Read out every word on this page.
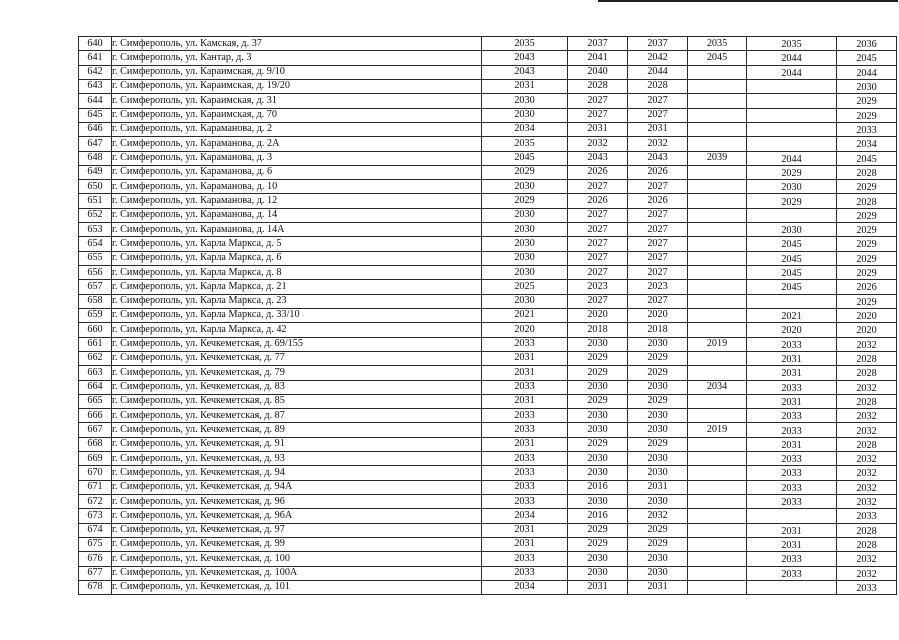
640	г. Симферополь, ул. Камская, д. 37	2035	2037	2037	2035	2035	2036
641	г. Симферополь, ул. Кантар, д. 3	2043	2041	2042	2045	2044	2045
642	г. Симферополь, ул. Караимская, д. 9/10	2043	2040	2044		2044	2044
643	г. Симферополь, ул. Караимская, д. 19/20	2031	2028	2028			2030
644	г. Симферополь, ул. Караимская, д. 31	2030	2027	2027			2029
645	г. Симферополь, ул. Караимская, д. 70	2030	2027	2027			2029
646	г. Симферополь, ул. Караманова, д. 2	2034	2031	2031			2033
647	г. Симферополь, ул. Караманова, д. 2А	2035	2032	2032			2034
648	г. Симферополь, ул. Караманова, д. 3	2045	2043	2043	2039	2044	2045
649	г. Симферополь, ул. Караманова, д. 6	2029	2026	2026		2029	2028
650	г. Симферополь, ул. Караманова, д. 10	2030	2027	2027		2030	2029
651	г. Симферополь, ул. Караманова, д. 12	2029	2026	2026		2029	2028
652	г. Симферополь, ул. Караманова, д. 14	2030	2027	2027			2029
653	г. Симферополь, ул. Караманова, д. 14А	2030	2027	2027		2030	2029
654	г. Симферополь, ул. Карла Маркса, д. 5	2030	2027	2027		2045	2029
655	г. Симферополь, ул. Карла Маркса, д. 6	2030	2027	2027		2045	2029
656	г. Симферополь, ул. Карла Маркса, д. 8	2030	2027	2027		2045	2029
657	г. Симферополь, ул. Карла Маркса, д. 21	2025	2023	2023		2045	2026
658	г. Симферополь, ул. Карла Маркса, д. 23	2030	2027	2027			2029
659	г. Симферополь, ул. Карла Маркса, д. 33/10	2021	2020	2020		2021	2020
660	г. Симферополь, ул. Карла Маркса, д. 42	2020	2018	2018		2020	2020
661	г. Симферополь, ул. Кечкеметская, д. 69/155	2033	2030	2030	2019	2033	2032
662	г. Симферополь, ул. Кечкеметская, д. 77	2031	2029	2029		2031	2028
663	г. Симферополь, ул. Кечкеметская, д. 79	2031	2029	2029		2031	2028
664	г. Симферополь, ул. Кечкеметская, д. 83	2033	2030	2030	2034	2033	2032
665	г. Симферополь, ул. Кечкеметская, д. 85	2031	2029	2029		2031	2028
666	г. Симферополь, ул. Кечкеметская, д. 87	2033	2030	2030		2033	2032
667	г. Симферополь, ул. Кечкеметская, д. 89	2033	2030	2030	2019	2033	2032
668	г. Симферополь, ул. Кечкеметская, д. 91	2031	2029	2029		2031	2028
669	г. Симферополь, ул. Кечкеметская, д. 93	2033	2030	2030		2033	2032
670	г. Симферополь, ул. Кечкеметская, д. 94	2033	2030	2030		2033	2032
671	г. Симферополь, ул. Кечкеметская, д. 94А	2033	2016	2031		2033	2032
672	г. Симферополь, ул. Кечкеметская, д. 96	2033	2030	2030		2033	2032
673	г. Симферополь, ул. Кечкеметская, д. 96А	2034	2016	2032			2033
674	г. Симферополь, ул. Кечкеметская, д. 97	2031	2029	2029		2031	2028
675	г. Симферополь, ул. Кечкеметская, д. 99	2031	2029	2029		2031	2028
676	г. Симферополь, ул. Кечкеметская, д. 100	2033	2030	2030		2033	2032
677	г. Симферополь, ул. Кечкеметская, д. 100А	2033	2030	2030		2033	2032
678	г. Симферополь, ул. Кечкеметская, д. 101	2034	2031	2031			2033
